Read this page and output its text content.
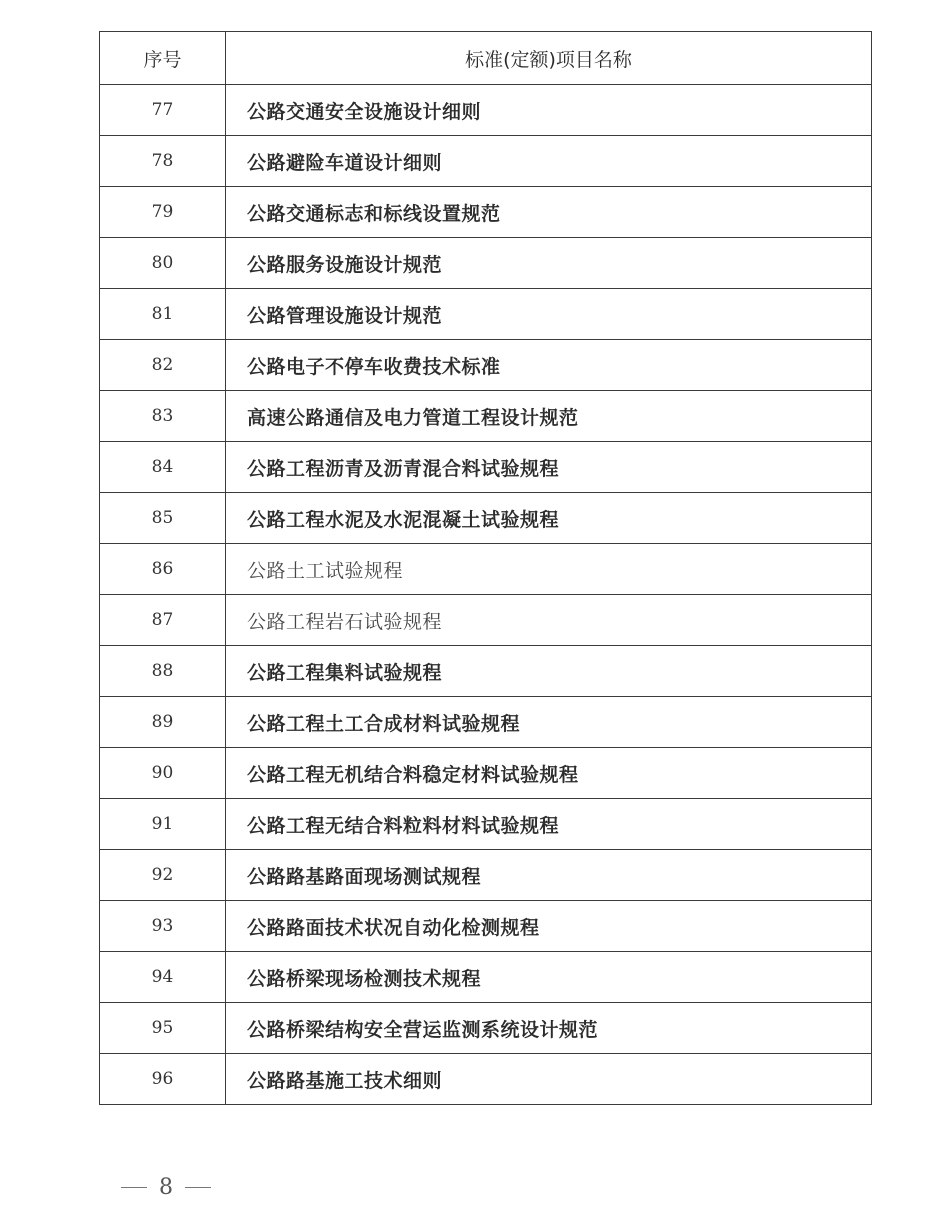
序号	标准(定额)项目名称
77	公路交通安全设施设计细则
78	公路避险车道设计细则
79	公路交通标志和标线设置规范
80	公路服务设施设计规范
81	公路管理设施设计规范
82	公路电子不停车收费技术标准
83	高速公路通信及电力管道工程设计规范
84	公路工程沥青及沥青混合料试验规程
85	公路工程水泥及水泥混凝土试验规程
86	公路土工试验规程
87	公路工程岩石试验规程
88	公路工程集料试验规程
89	公路工程土工合成材料试验规程
90	公路工程无机结合料稳定材料试验规程
91	公路工程无结合料粒料材料试验规程
92	公路路基路面现场测试规程
93	公路路面技术状况自动化检测规程
94	公路桥梁现场检测技术规程
95	公路桥梁结构安全营运监测系统设计规范
96	公路路基施工技术细则
8
